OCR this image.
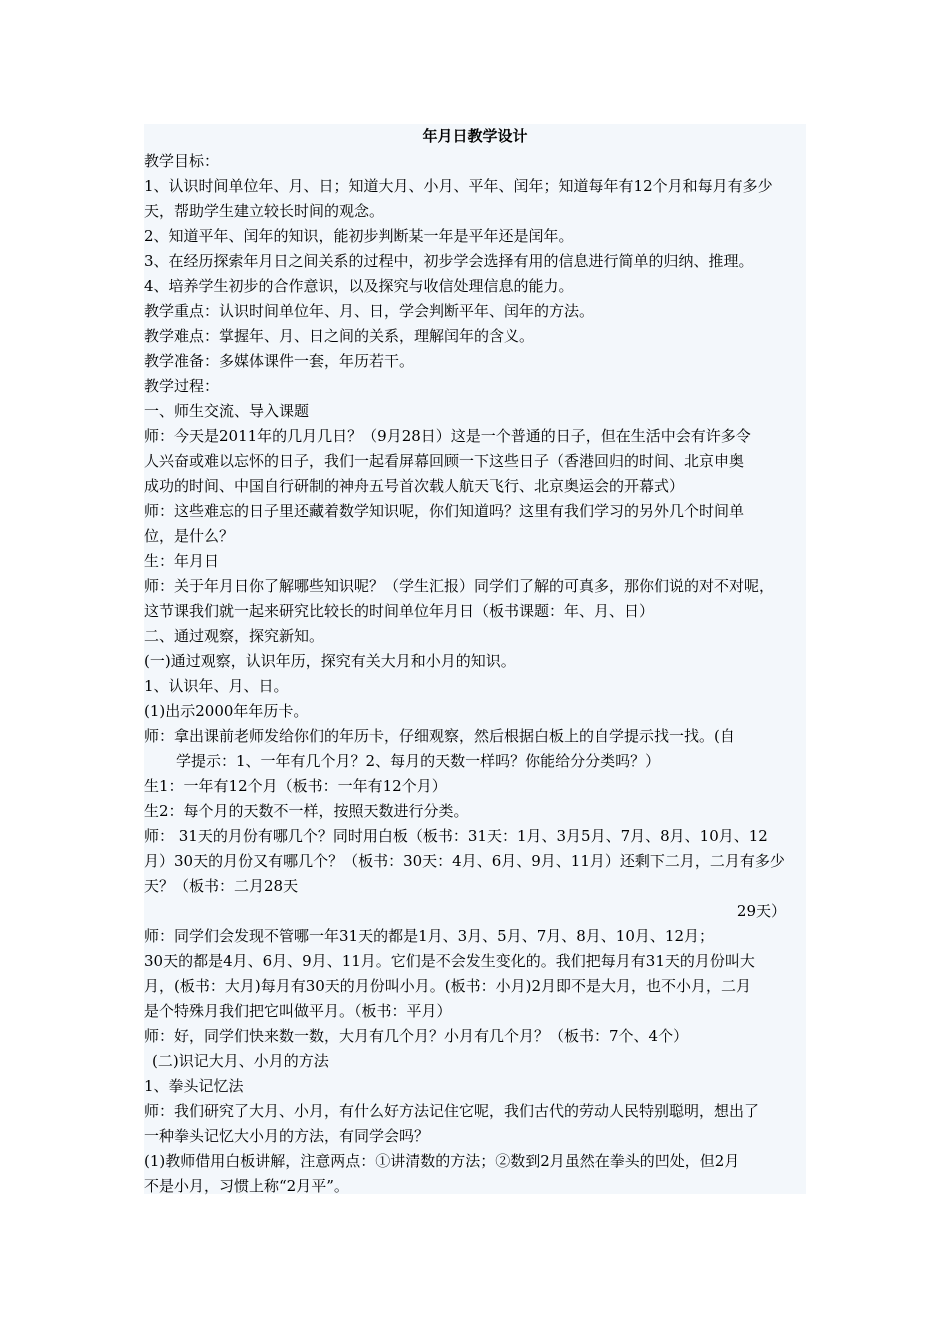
年月日教学设计
教学目标：
1、认识时间单位年、月、日；知道大月、小月、平年、闰年；知道每年有12个月和每月有多少
天，帮助学生建立较长时间的观念。
2、知道平年、闰年的知识，能初步判断某一年是平年还是闰年。
3、在经历探索年月日之间关系的过程中，初步学会选择有用的信息进行简单的归纳、推理。
4、培养学生初步的合作意识，以及探究与收信处理信息的能力。
教学重点：认识时间单位年、月、日，学会判断平年、闰年的方法。
教学难点：掌握年、月、日之间的关系，理解闰年的含义。
教学准备：多媒体课件一套，年历若干。
教学过程：
一、师生交流、导入课题
师：今天是2011年的几月几日？（9月28日）这是一个普通的日子，但在生活中会有许多令
人兴奋或难以忘怀的日子，我们一起看屏幕回顾一下这些日子（香港回归的时间、北京申奥
成功的时间、中国自行研制的神舟五号首次载人航天飞行、北京奥运会的开幕式）
师：这些难忘的日子里还藏着数学知识呢，你们知道吗？这里有我们学习的另外几个时间单
位，是什么？
生：年月日
师：关于年月日你了解哪些知识呢？（学生汇报）同学们了解的可真多，那你们说的对不对呢，
这节课我们就一起来研究比较长的时间单位年月日（板书课题：年、月、日）
二、通过观察，探究新知。
(一)通过观察，认识年历，探究有关大月和小月的知识。
1、认识年、月、日。
(1)出示2000年年历卡。
师：拿出课前老师发给你们的年历卡，仔细观察，然后根据白板上的自学提示找一找。(自
学提示：1、一年有几个月？2、每月的天数一样吗？你能给分分类吗？）
生1：一年有12个月（板书：一年有12个月）
生2：每个月的天数不一样，按照天数进行分类。
师： 31天的月份有哪几个？同时用白板（板书：31天：1月、3月5月、7月、8月、10月、12
月）30天的月份又有哪几个？（板书：30天：4月、6月、9月、11月）还剩下二月，二月有多少
天？（板书：二月28天
29天）
师：同学们会发现不管哪一年31天的都是1月、3月、5月、7月、8月、10月、12月；
30天的都是4月、6月、9月、11月。它们是不会发生变化的。我们把每月有31天的月份叫大
月，(板书：大月)每月有30天的月份叫小月。(板书：小月)2月即不是大月，也不小月，二月
是个特殊月我们把它叫做平月。（板书：平月）
师：好，同学们快来数一数，大月有几个月？小月有几个月？（板书：7个、4个）
(二)识记大月、小月的方法
1、拳头记忆法
师：我们研究了大月、小月，有什么好方法记住它呢，我们古代的劳动人民特别聪明，想出了
一种拳头记忆大小月的方法，有同学会吗？
(1)教师借用白板讲解，注意两点：①讲清数的方法；②数到2月虽然在拳头的凹处，但2月
不是小月，习惯上称“2月平”。
